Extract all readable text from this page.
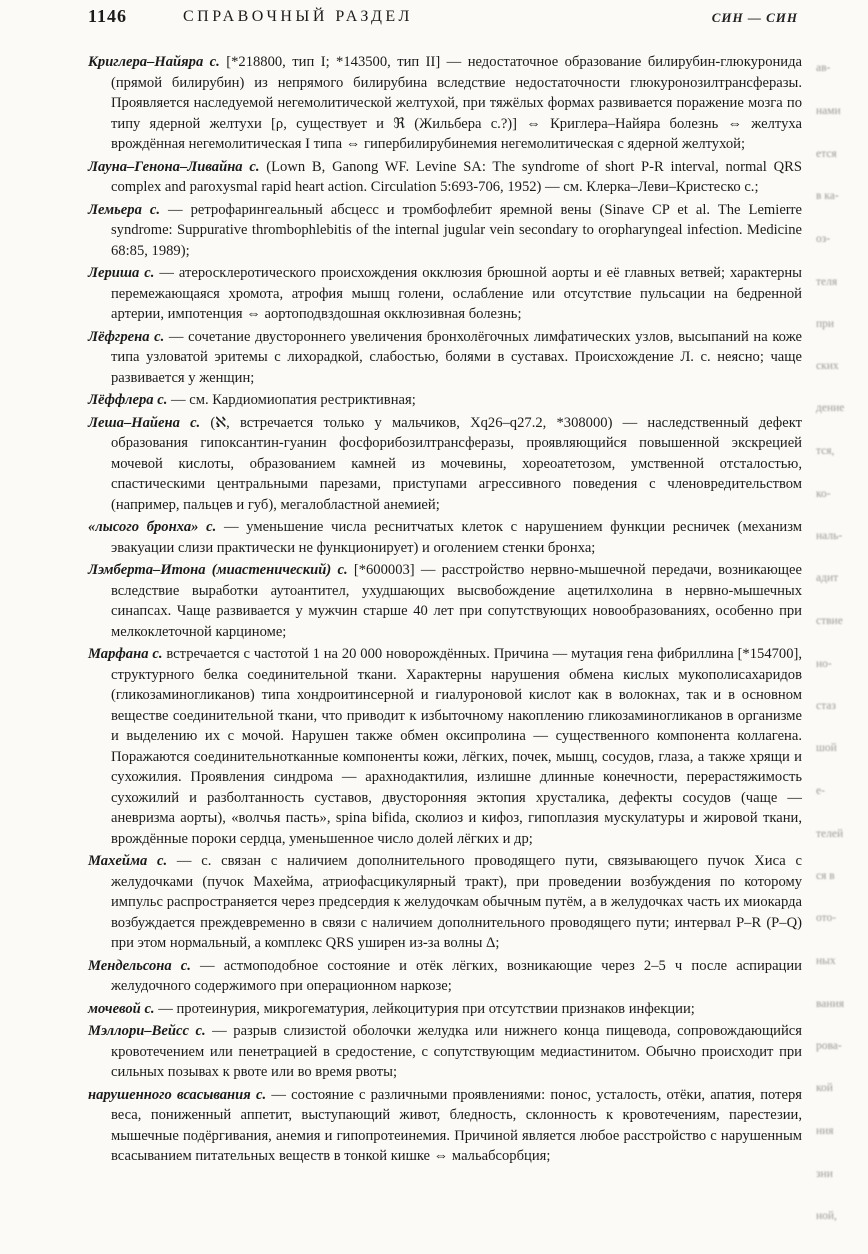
1146	СПРАВОЧНЫЙ РАЗДЕЛ	СИН — СИН

Криглера–Найяра с. [*218800, тип I; *143500, тип II] — недостаточное образование билирубин-глюкуронида (прямой билирубин) из непрямого билирубина вследствие недостаточности глюкуронозилтрансферазы. Проявляется наследуемой негемолитической желтухой, при тяжёлых формах развивается поражение мозга по типу ядерной желтухи [ρ, существует и ℜ (Жильбера с.?)] ⇔ Криглера–Найяра болезнь ⇔ желтуха врождённая негемолитическая I типа ⇔ гипербилирубинемия негемолитическая с ядерной желтухой;

Лауна–Генона–Ливайна с. (Lown B, Ganong WF. Levine SA: The syndrome of short P-R interval, normal QRS complex and paroxysmal rapid heart action. Circulation 5:693-706, 1952) — см. Клерка–Леви–Кристеско с.;

Лемьера с. — ретрофарингеальный абсцесс и тромбофлебит яремной вены (Sinave CP et al. The Lemierre syndrome: Suppurative thrombophlebitis of the internal jugular vein secondary to oropharyngeal infection. Medicine 68:85, 1989);

Лериша с. — атеросклеротического происхождения окклюзия брюшной аорты и её главных ветвей; характерны перемежающаяся хромота, атрофия мышц голени, ослабление или отсутствие пульсации на бедренной артерии, импотенция ⇔ аортоподвздошная окклюзивная болезнь;

Лёфгрена с. — сочетание двустороннего увеличения бронхолёгочных лимфатических узлов, высыпаний на коже типа узловатой эритемы с лихорадкой, слабостью, болями в суставах. Происхождение Л. с. неясно; чаще развивается у женщин;

Лёффлера с. — см. Кардиомиопатия рестриктивная;

Леша–Найена с. (ℵ, встречается только у мальчиков, Xq26–q27.2, *308000) — наследственный дефект образования гипоксантин-гуанин фосфорибозилтрансферазы, проявляющийся повышенной экскрецией мочевой кислоты, образованием камней из мочевины, хореоатетозом, умственной отсталостью, спастическими центральными парезами, приступами агрессивного поведения с членовредительством (например, пальцев и губ), мегалобластной анемией;

«лысого бронха» с. — уменьшение числа реснитчатых клеток с нарушением функции ресничек (механизм эвакуации слизи практически не функционирует) и оголением стенки бронха;

Лэмберта–Итона (миастенический) с. [*600003] — расстройство нервно-мышечной передачи, возникающее вследствие выработки аутоантител, ухудшающих высвобождение ацетилхолина в нервно-мышечных синапсах. Чаще развивается у мужчин старше 40 лет при сопутствующих новообразованиях, особенно при мелкоклеточной карциноме;

Марфана с. встречается с частотой 1 на 20 000 новорождённых. Причина — мутация гена фибриллина [*154700], структурного белка соединительной ткани. Характерны нарушения обмена кислых мукополисахаридов (гликозаминогликанов) типа хондроитинсерной и гиалуроновой кислот как в волокнах, так и в основном веществе соединительной ткани, что приводит к избыточному накоплению гликозаминогликанов в организме и выделению их с мочой. Нарушен также обмен оксипролина — существенного компонента коллагена. Поражаются соединительнотканные компоненты кожи, лёгких, почек, мышц, сосудов, глаза, а также хрящи и сухожилия. Проявления синдрома — арахнодактилия, излишне длинные конечности, перерастяжимость сухожилий и разболтанность суставов, двусторонняя эктопия хрусталика, дефекты сосудов (чаще — аневризма аорты), «волчья пасть», spina bifida, сколиоз и кифоз, гипоплазия мускулатуры и жировой ткани, врождённые пороки сердца, уменьшенное число долей лёгких и др;

Махейма с. — с. связан с наличием дополнительного проводящего пути, связывающего пучок Хиса с желудочками (пучок Махейма, атриофасцикулярный тракт), при проведении возбуждения по которому импульс распространяется через предсердия к желудочкам обычным путём, а в желудочках часть их миокарда возбуждается преждевременно в связи с наличием дополнительного проводящего пути; интервал P–R (P–Q) при этом нормальный, а комплекс QRS уширен из-за волны Δ;

Мендельсона с. — астмоподобное состояние и отёк лёгких, возникающие через 2–5 ч после аспирации желудочного содержимого при операционном наркозе;

мочевой с. — протеинурия, микрогематурия, лейкоцитурия при отсутствии признаков инфекции;

Мэллори–Вейсс с. — разрыв слизистой оболочки желудка или нижнего конца пищевода, сопровождающийся кровотечением или пенетрацией в средостение, с сопутствующим медиастинитом. Обычно происходит при сильных позывах к рвоте или во время рвоты;

нарушенного всасывания с. — состояние с различными проявлениями: понос, усталость, отёки, апатия, потеря веса, пониженный аппетит, выступающий живот, бледность, склонность к кровотечениям, парестезии, мышечные подёргивания, анемия и гипопротеинемия. Причиной является любое расстройство с нарушенным всасыванием питательных веществ в тонкой кишке ⇔ мальабсорбция;

ав-
нами
ется
в ка-
оз-
теля
при
ских
дение
тся,
ко-
наль-
адит
ствие
но-
стаз
шой
е-
телей
ся в
ото-
ных
вания
рова-
кой
ния
зни
ной,
